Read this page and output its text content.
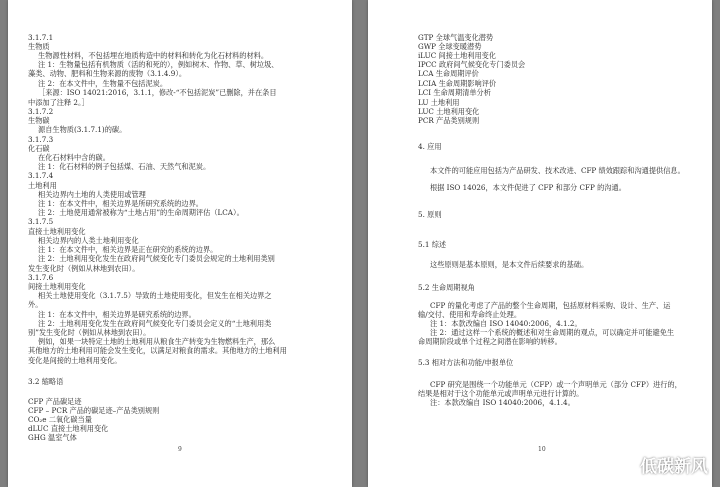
3.1.7.1
生物质
生物源性材料，不包括埋在地质构造中的材料和转化为化石材料的材料。
注 1：生物量包括有机物质（活的和死的），例如树木、作物、草、树垃圾、
藻类、动物、肥料和生物来源的废物（3.1.4.9）。
注 2：在本文件中，生物量不包括泥炭。
［来源：ISO 14021:2016，3.1.1，修改-“不包括泥炭”已删除，并在条目
中添加了注释 2。］
3.1.7.2
生物碳
源自生物质(3.1.7.1)的碳。
3.1.7.3
化石碳
在化石材料中含的碳。
注 1：化石材料的例子包括煤、石油、天然气和泥炭。
3.1.7.4
土地利用
相关边界内土地的人类使用或管理
注 1：在本文件中，相关边界是所研究系统的边界。
注 2：土地使用通常被称为“土地占用”的生命周期评估（LCA）。
3.1.7.5
直接土地利用变化
相关边界内的人类土地利用变化
注 1：在本文件中，相关边界是正在研究的系统的边界。
注 2：土地利用变化发生在政府间气候变化专门委员会规定的土地利用类别
发生变化时（例如从林地到农田）。
3.1.7.6
间接土地利用变化
相关土地使用变化（3.1.7.5）导致的土地使用变化，但发生在相关边界之
外。
注 1：在本文件中，相关边界是研究系统的边界。
注 2：土地利用变化发生在政府间气候变化专门委员会定义的“土地利用类
别”发生变化时（例如从林地到农田）。
例如，如果一块特定土地的土地利用从粮食生产转变为生物燃料生产，那么
其他地方的土地利用可能会发生变化，以满足对粮食的需求。其他地方的土地利用
变化是间接的土地利用变化。
3.2 缩略语
CFP 产品碳足迹
CFP – PCR 产品的碳足迹–产品类别规则
CO₂e 二氧化碳当量
dLUC 直接土地利用变化
GHG 温室气体
9
GTP 全球气温变化潜势
GWP 全球变暖潜势
iLUC 间接土地利用变化
IPCC 政府间气候变化专门委员会
LCA 生命周期评价
LCIA 生命周期影响评价
LCI 生命周期清单分析
LU 土地利用
LUC 土地利用变化
PCR 产品类别规则
4. 应用
本文件的可能应用包括为产品研发、技术改进、CFP 绩效跟踪和沟通提供信息。
根据 ISO 14026，本文件促进了 CFP 和部分 CFP 的沟通。
5. 原则
5.1 综述
这些原则是基本原则，是本文件后续要求的基础。
5.2 生命周期视角
CFP 的量化考虑了产品的整个生命周期，包括原材料采购、设计、生产、运
输/交付、使用和寿命终止处理。
注 1：本款改编自 ISO 14040:2006，4.1.2。
注 2：通过这样一个系统的概述和对生命周期的观点，可以确定并可能避免生
命周期阶段或单个过程之间潜在影响的转移。
5.3 相对方法和功能/申报单位
CFP 研究是围绕一个功能单元（CFP）或一个声明单元（部分 CFP）进行的，
结果是相对于这个功能单元或声明单元进行计算的。
注：本款改编自 ISO 14040:2006，4.1.4。
10
低碳新风
